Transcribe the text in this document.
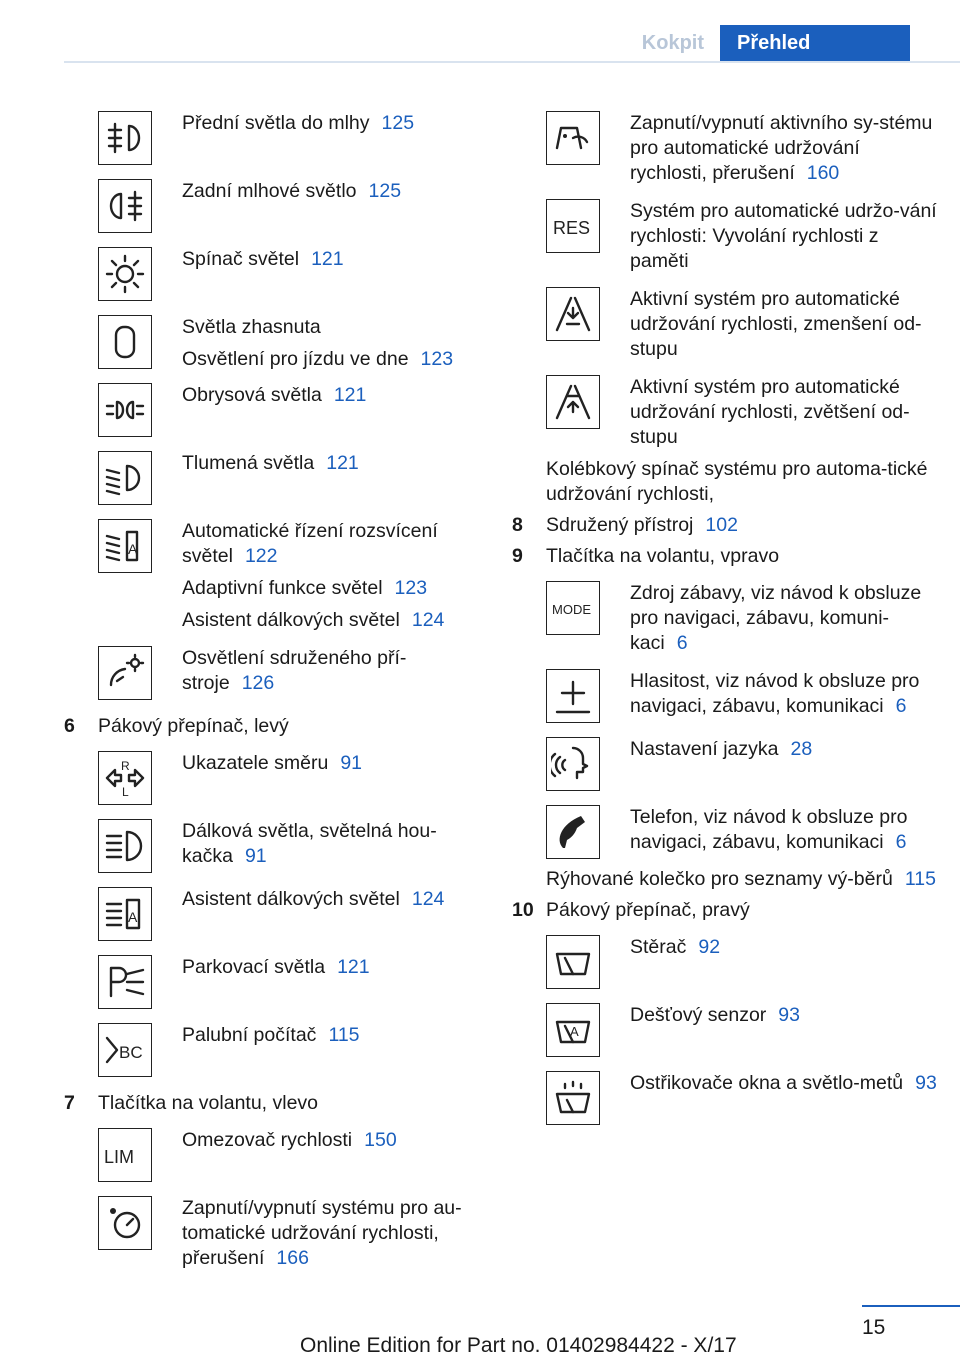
Kokpit	Přehled

Přední světla do mlhy 125

Zadní mlhové světlo 125

Spínač světel 121

Světla zhasnuta

Osvětlení pro jízdu ve dne 123

Obrysová světla 121

Tlumená světla 121

A

Automatické řízení rozsvícení světel 122

Adaptivní funkce světel 123

Asistent dálkových světel 124

Osvětlení sdruženého pří-stroje 126

6	Pákový přepínač, levý
R
L

Ukazatele směru 91

Dálková světla, světelná hou-kačka 91

A

Asistent dálkových světel 124

Parkovací světla 121

BC

Palubní počítač 115

7	Tlačítka na volantu, vlevo
LIM

Omezovač rychlosti 150

Zapnutí/vypnutí systému pro au-tomatické udržování rychlosti, přerušení 166

Zapnutí/vypnutí aktivního sy-stému pro automatické udržování rychlosti, přerušení 160

RES

Systém pro automatické udržo-vání rychlosti: Vyvolání rychlosti z paměti

Aktivní systém pro automatické udržování rychlosti, zmenšení od-stupu

Aktivní systém pro automatické udržování rychlosti, zvětšení od-stupu

Kolébkový spínač systému pro automa-tické udržování rychlosti,
8	Sdružený přístroj 102
9	Tlačítka na volantu, vpravo
MODE

Zdroj zábavy, viz návod k obsluze pro navigaci, zábavu, komuni-kaci 6

Hlasitost, viz návod k obsluze pro navigaci, zábavu, komunikaci 6

Nastavení jazyka 28

Telefon, viz návod k obsluze pro navigaci, zábavu, komunikaci 6

Rýhované kolečko pro seznamy vý-běrů 115
10 Pákový přepínač, pravý

Stěrač 92

A

Dešťový senzor 93

Ostřikovače okna a světlo-metů 93

15
Online Edition for Part no. 01402984422 - X/17
